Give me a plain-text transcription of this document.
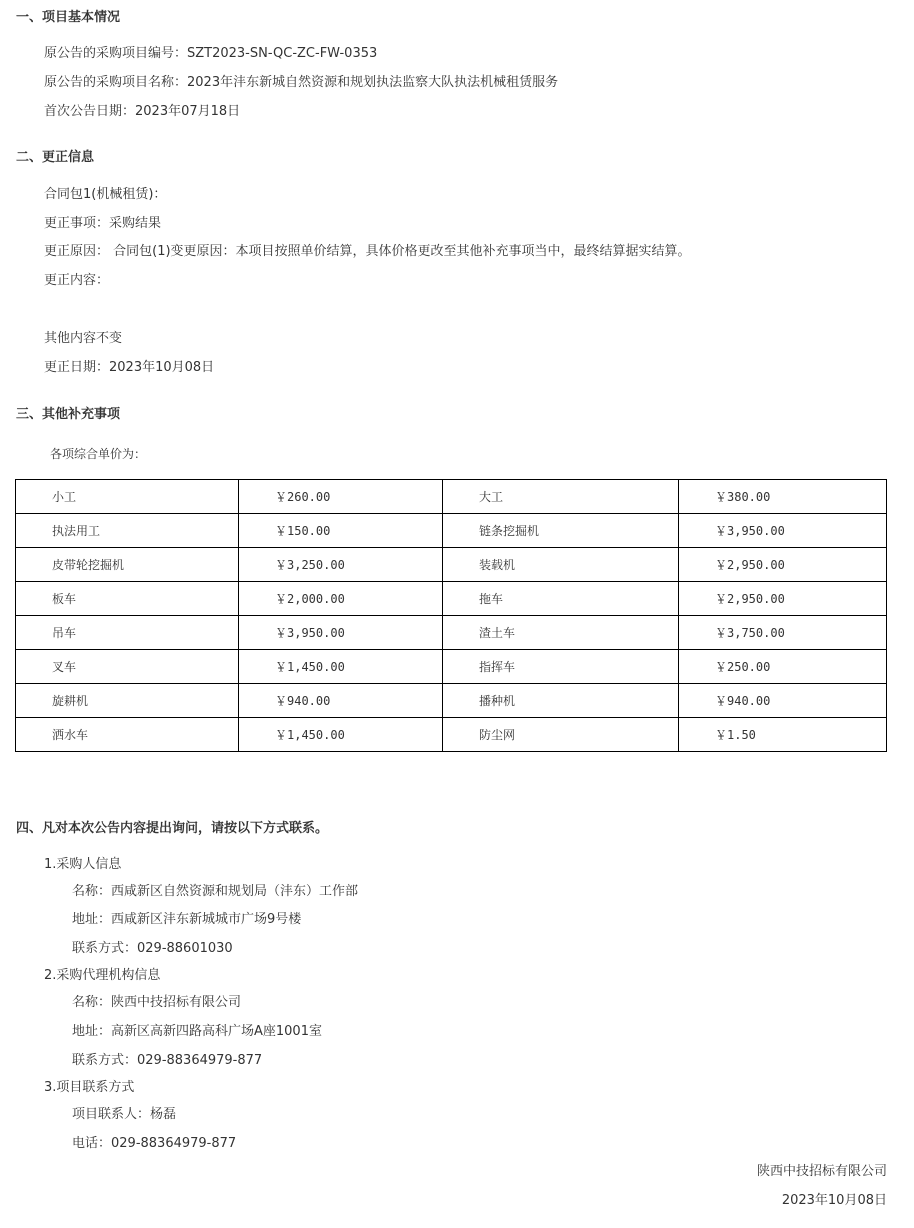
一、项目基本情况
原公告的采购项目编号：SZT2023-SN-QC-ZC-FW-0353
原公告的采购项目名称：2023年沣东新城自然资源和规划执法监察大队执法机械租赁服务
首次公告日期：2023年07月18日
二、更正信息
合同包1(机械租赁)：
更正事项：采购结果
更正原因： 合同包(1)变更原因：本项目按照单价结算，具体价格更改至其他补充事项当中，最终结算据实结算。
更正内容：
其他内容不变
更正日期：2023年10月08日
三、其他补充事项
各项综合单价为：
小工	￥260.00	大工	￥380.00
执法用工	￥150.00	链条挖掘机	￥3,950.00
皮带轮挖掘机	￥3,250.00	装载机	￥2,950.00
板车	￥2,000.00	拖车	￥2,950.00
吊车	￥3,950.00	渣土车	￥3,750.00
叉车	￥1,450.00	指挥车	￥250.00
旋耕机	￥940.00	播种机	￥940.00
洒水车	￥1,450.00	防尘网	￥1.50
四、凡对本次公告内容提出询问，请按以下方式联系。
1.采购人信息
名称：西咸新区自然资源和规划局（沣东）工作部
地址：西咸新区沣东新城城市广场9号楼
联系方式：029-88601030
2.采购代理机构信息
名称：陕西中技招标有限公司
地址：高新区高新四路高科广场A座1001室
联系方式：029-88364979-877
3.项目联系方式
项目联系人：杨磊
电话：029-88364979-877
陕西中技招标有限公司
2023年10月08日
